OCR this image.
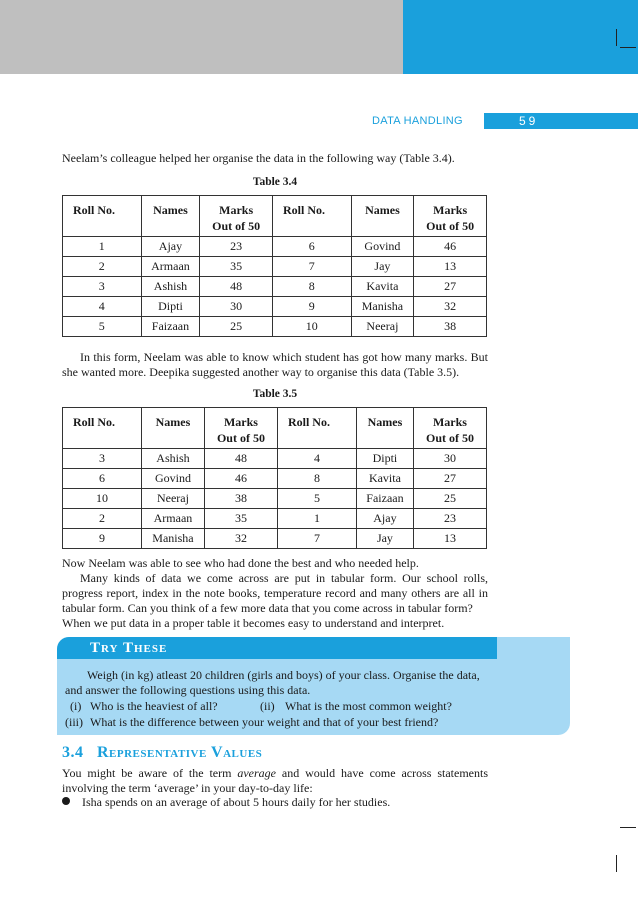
DATA HANDLING	59
Neelam’s colleague helped her organise the data in the following way (Table 3.4).
Table 3.4
Roll No.	Names	Marks	Roll No.	Names	Marks
		Out of 50			Out of 50
1	Ajay	23	6	Govind	46
2	Armaan	35	7	Jay	13
3	Ashish	48	8	Kavita	27
4	Dipti	30	9	Manisha	32
5	Faizaan	25	10	Neeraj	38
In this form, Neelam was able to know which student has got how many marks. But she wanted more. Deepika suggested another way to organise this data (Table 3.5).
Table 3.5
Roll No.	Names	Marks	Roll No.	Names	Marks
		Out of 50			Out of 50
3	Ashish	48	4	Dipti	30
6	Govind	46	8	Kavita	27
10	Neeraj	38	5	Faizaan	25
2	Armaan	35	1	Ajay	23
9	Manisha	32	7	Jay	13
Now Neelam was able to see who had done the best and who needed help.
Many kinds of data we come across are put in tabular form. Our school rolls, progress report, index in the note books, temperature record and many others are all in tabular form. Can you think of a few more data that you come across in tabular form?
When we put data in a proper table it becomes easy to understand and interpret.
Try These
Weigh (in kg) atleast 20 children (girls and boys) of your class. Organise the data, and answer the following questions using this data.
(i) Who is the heaviest of all?	(ii) What is the most common weight?
(iii) What is the difference between your weight and that of your best friend?
3.4 Representative Values
You might be aware of the term average and would have come across statements involving the term ‘average’ in your day-to-day life:
Isha spends on an average of about 5 hours daily for her studies.
